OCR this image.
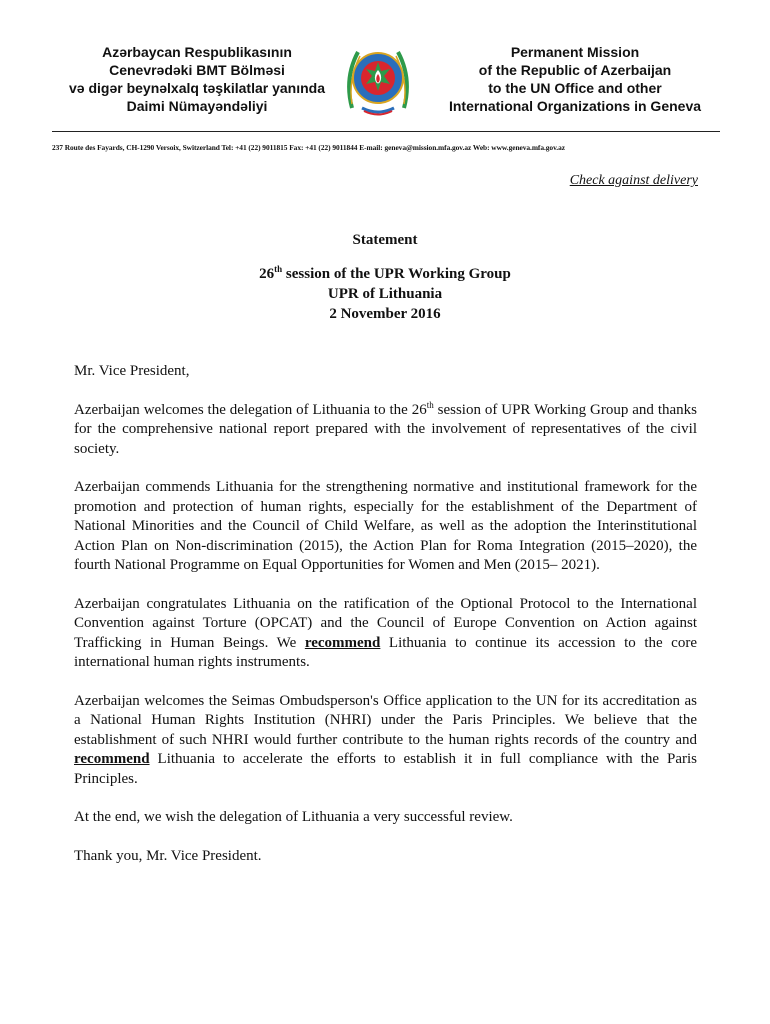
Azərbaycan Respublikasının
Cenevrədəki BMT Bölməsi
və digər beynəlxalq təşkilatlar yanında
Daimi Nümayəndəliyi
Permanent Mission
of the Republic of Azerbaijan
to the UN Office and other
International Organizations in Geneva
237 Route des Fayards, CH-1290 Versoix, Switzerland Tel: +41 (22) 9011815 Fax: +41 (22) 9011844 E-mail: geneva@mission.mfa.gov.az Web: www.geneva.mfa.gov.az
Check against delivery
Statement
26th session of the UPR Working Group
UPR of Lithuania
2 November 2016

Mr. Vice President,

Azerbaijan welcomes the delegation of Lithuania to the 26th session of UPR Working Group and thanks for the comprehensive national report prepared with the involvement of representatives of the civil society.

Azerbaijan commends Lithuania for the strengthening normative and institutional framework for the promotion and protection of human rights, especially for the establishment of the Department of National Minorities and the Council of Child Welfare, as well as the adoption the Interinstitutional Action Plan on Non-discrimination (2015), the Action Plan for Roma Integration (2015–2020), the fourth National Programme on Equal Opportunities for Women and Men (2015– 2021).

Azerbaijan congratulates Lithuania on the ratification of the Optional Protocol to the International Convention against Torture (OPCAT) and the Council of Europe Convention on Action against Trafficking in Human Beings. We recommend Lithuania to continue its accession to the core international human rights instruments.

Azerbaijan welcomes the Seimas Ombudsperson's Office application to the UN for its accreditation as a National Human Rights Institution (NHRI) under the Paris Principles. We believe that the establishment of such NHRI would further contribute to the human rights records of the country and recommend Lithuania to accelerate the efforts to establish it in full compliance with the Paris Principles.

At the end, we wish the delegation of Lithuania a very successful review.

Thank you, Mr. Vice President.
